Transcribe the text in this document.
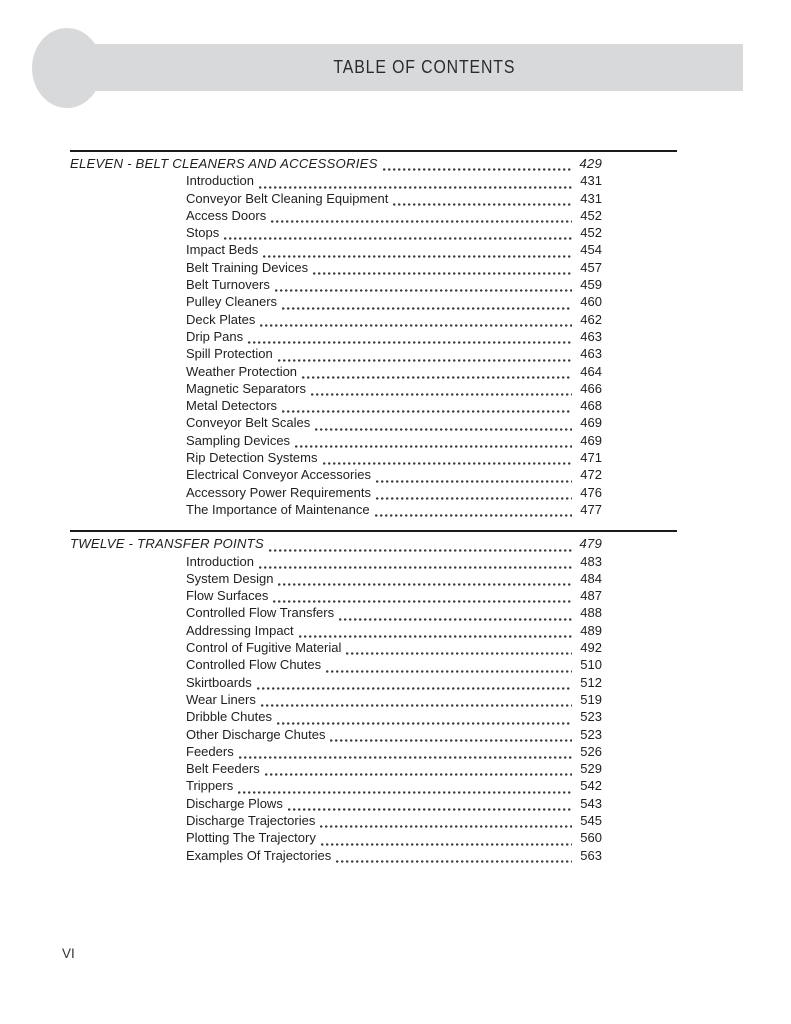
TABLE OF CONTENTS
ELEVEN - BELT CLEANERS AND ACCESSORIES	429
Introduction	431
Conveyor Belt Cleaning Equipment	431
Access Doors	452
Stops	452
Impact Beds	454
Belt Training Devices	457
Belt Turnovers	459
Pulley Cleaners	460
Deck Plates	462
Drip Pans	463
Spill Protection	463
Weather Protection	464
Magnetic Separators	466
Metal Detectors	468
Conveyor Belt Scales	469
Sampling Devices	469
Rip Detection Systems	471
Electrical Conveyor Accessories	472
Accessory Power Requirements	476
The Importance of Maintenance	477
TWELVE - TRANSFER POINTS	479
Introduction	483
System Design	484
Flow Surfaces	487
Controlled Flow Transfers	488
Addressing Impact	489
Control of Fugitive Material	492
Controlled Flow Chutes	510
Skirtboards	512
Wear Liners	519
Dribble Chutes	523
Other Discharge Chutes	523
Feeders	526
Belt Feeders	529
Trippers	542
Discharge Plows	543
Discharge Trajectories	545
Plotting The Trajectory	560
Examples Of Trajectories	563
VI
